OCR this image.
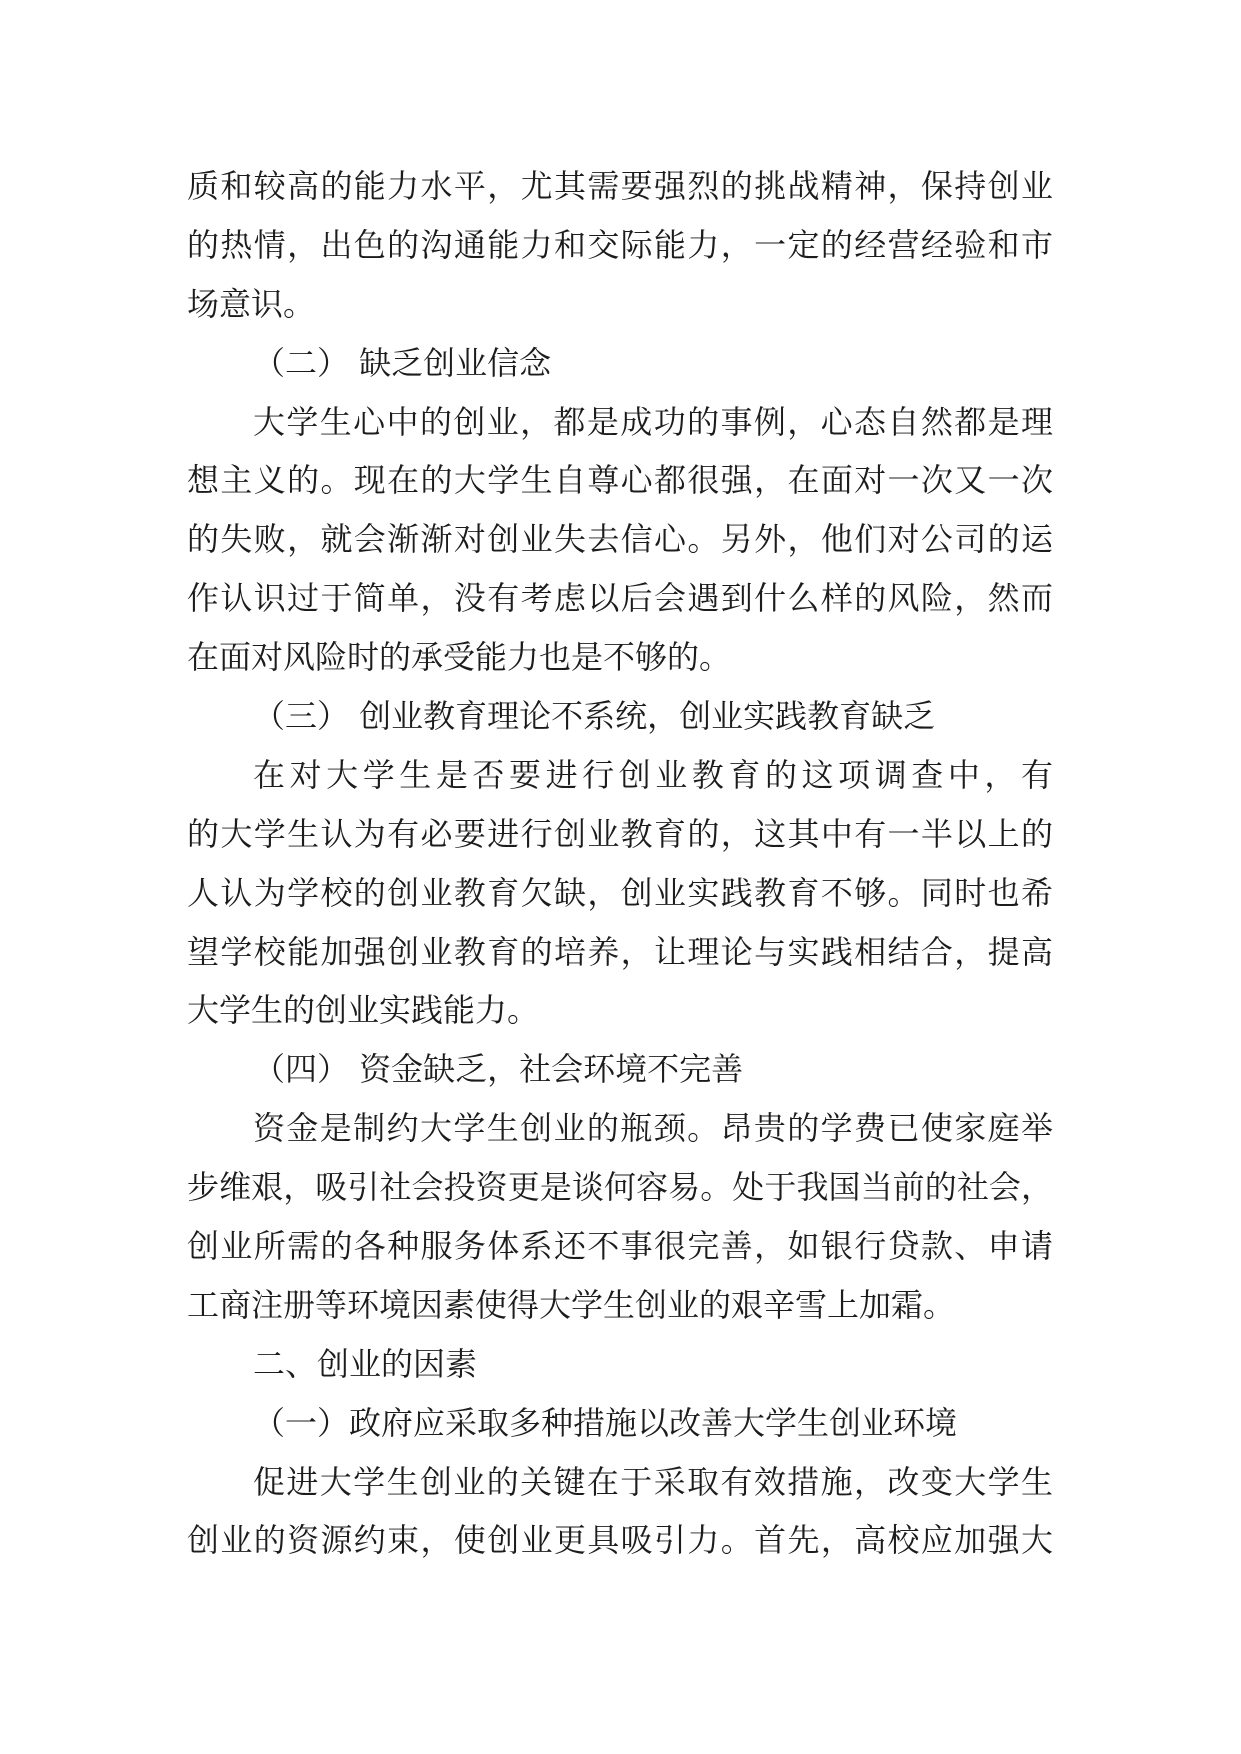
质和较高的能力水平，尤其需要强烈的挑战精神，保持创业
的热情，出色的沟通能力和交际能力，一定的经营经验和市
场意识。
（二） 缺乏创业信念
大学生心中的创业，都是成功的事例，心态自然都是理
想主义的。现在的大学生自尊心都很强，在面对一次又一次
的失败，就会渐渐对创业失去信心。另外，他们对公司的运
作认识过于简单，没有考虑以后会遇到什么样的风险，然而
在面对风险时的承受能力也是不够的。
（三） 创业教育理论不系统，创业实践教育缺乏
在对大学生是否要进行创业教育的这项调查中，有
的大学生认为有必要进行创业教育的，这其中有一半以上的
人认为学校的创业教育欠缺，创业实践教育不够。同时也希
望学校能加强创业教育的培养，让理论与实践相结合，提高
大学生的创业实践能力。
（四） 资金缺乏，社会环境不完善
资金是制约大学生创业的瓶颈。昂贵的学费已使家庭举
步维艰，吸引社会投资更是谈何容易。处于我国当前的社会，
创业所需的各种服务体系还不事很完善，如银行贷款、申请
工商注册等环境因素使得大学生创业的艰辛雪上加霜。
二、创业的因素
（一）政府应采取多种措施以改善大学生创业环境
促进大学生创业的关键在于采取有效措施，改变大学生
创业的资源约束，使创业更具吸引力。首先，高校应加强大
